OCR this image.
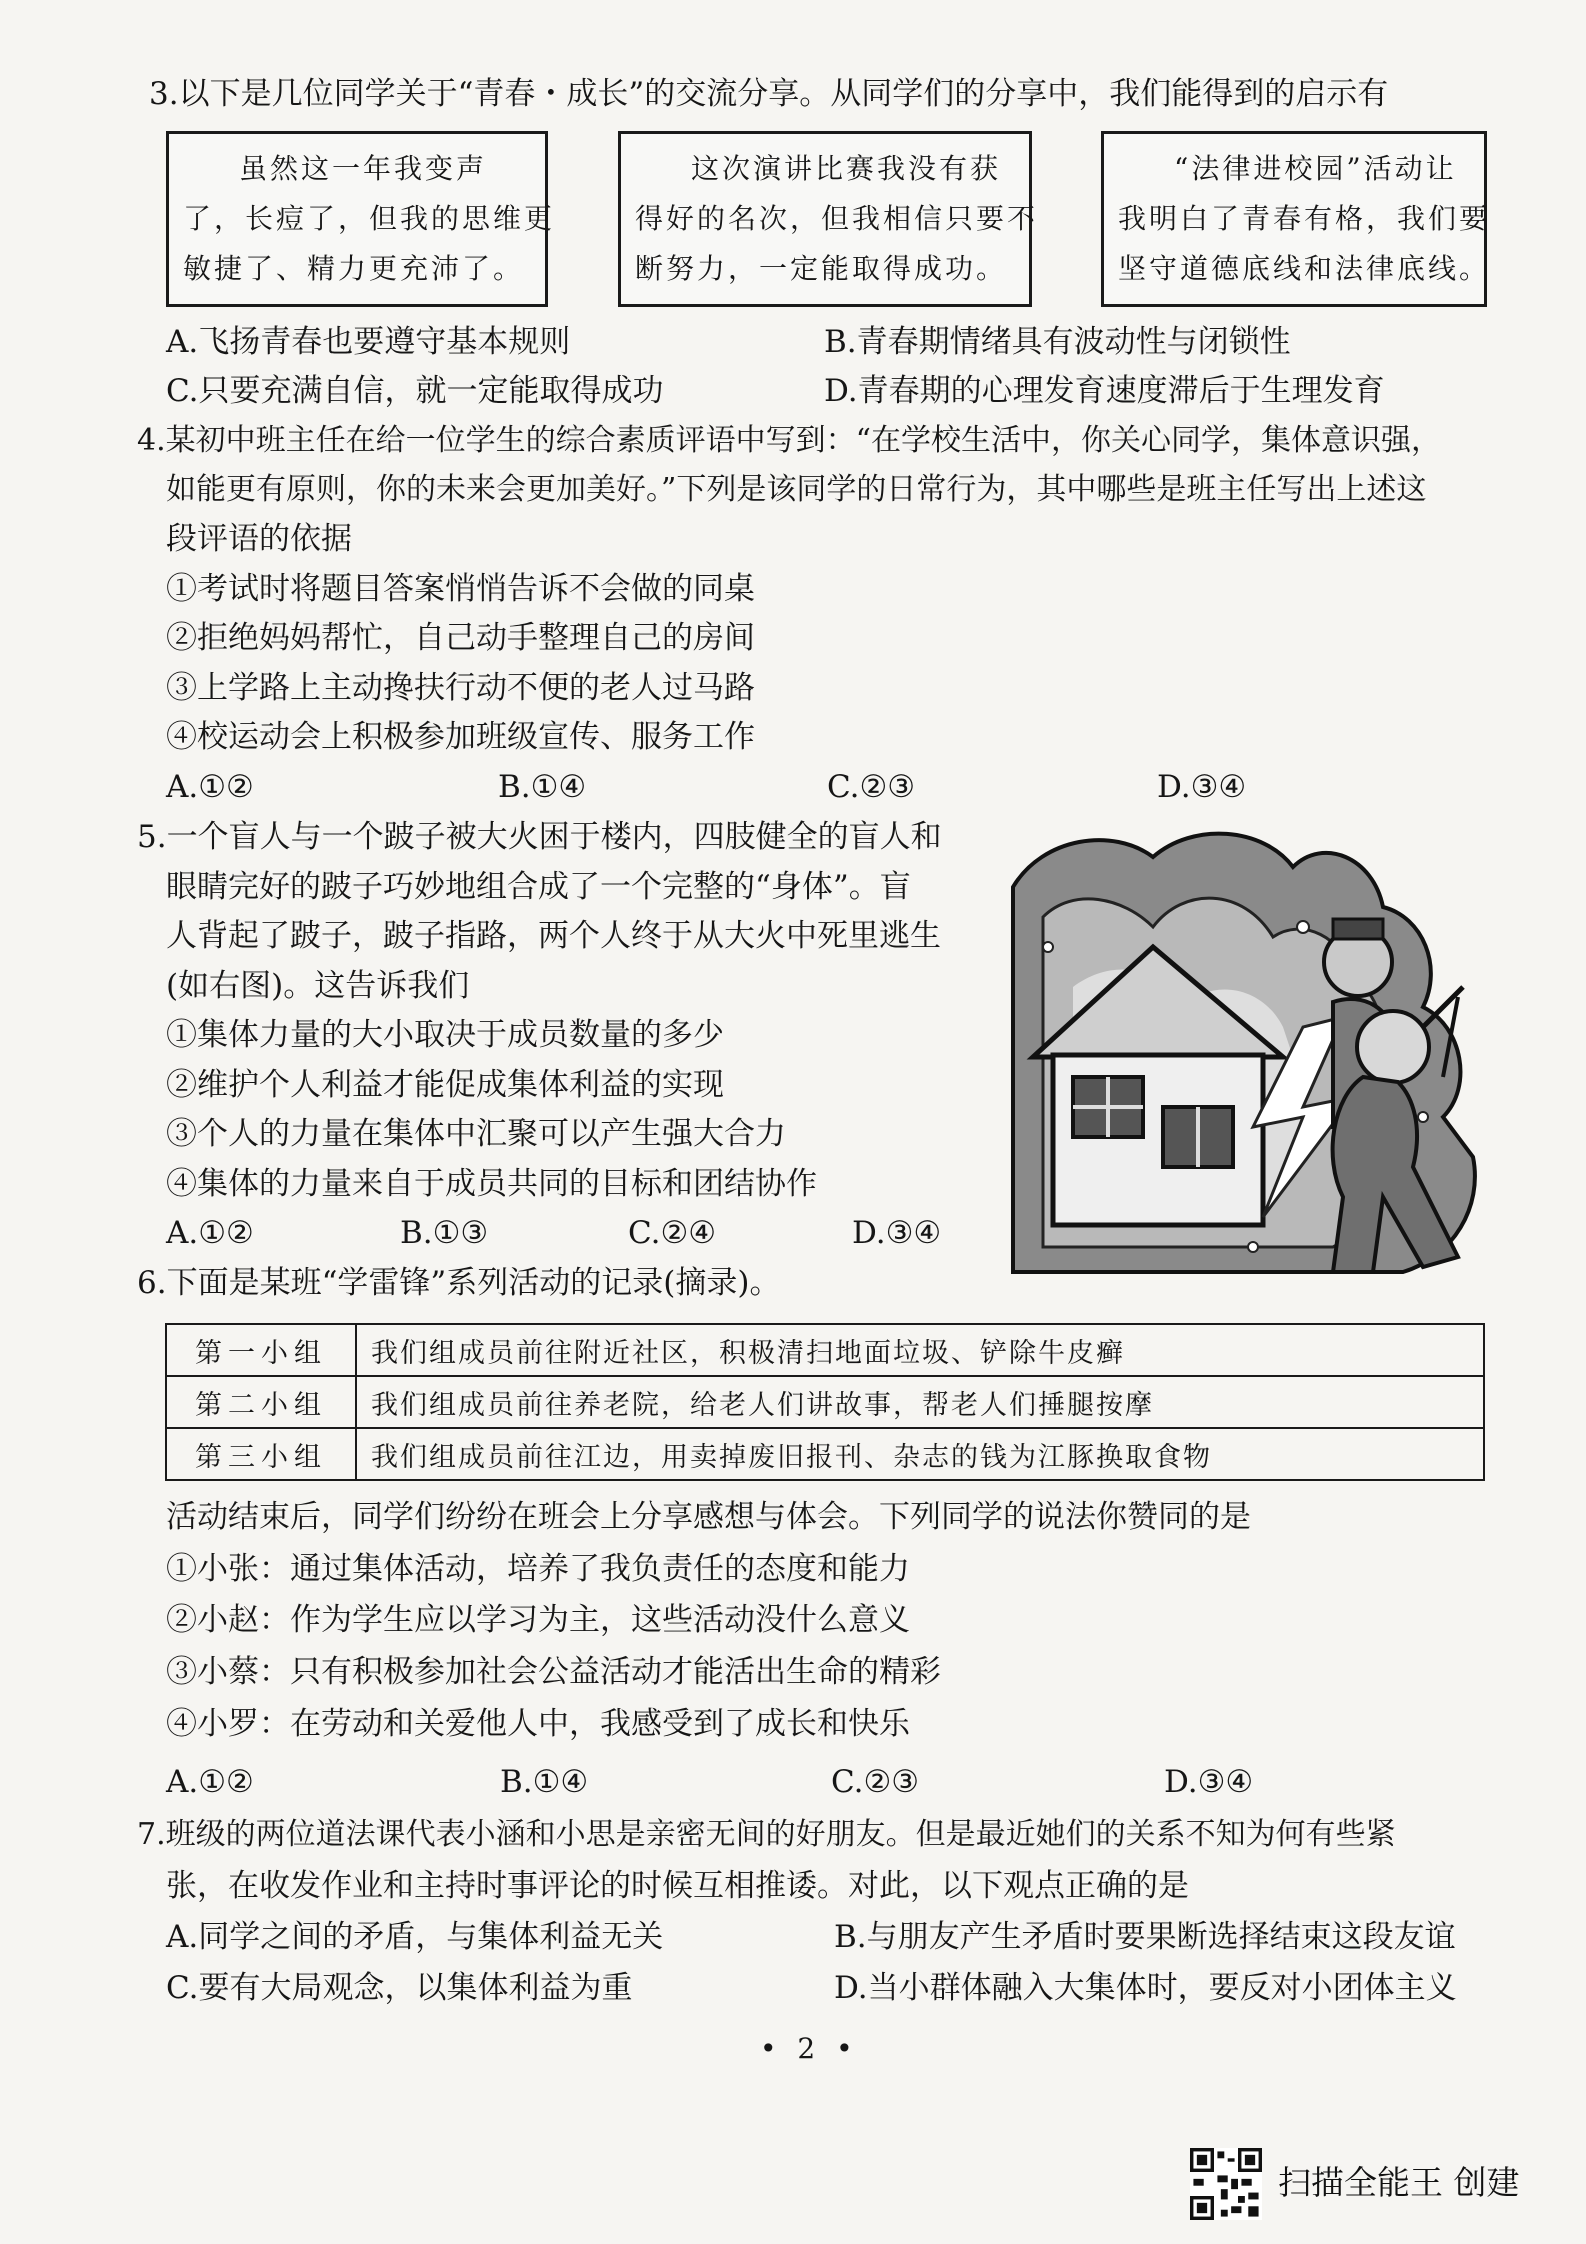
3.以下是几位同学关于“青春・成长”的交流分享。从同学们的分享中，我们能得到的启示有
虽然这一年我变声
了，长痘了，但我的思维更
敏捷了、精力更充沛了。
这次演讲比赛我没有获
得好的名次，但我相信只要不
断努力，一定能取得成功。
“法律进校园”活动让
我明白了青春有格，我们要
坚守道德底线和法律底线。
A.飞扬青春也要遵守基本规则	B.青春期情绪具有波动性与闭锁性
C.只要充满自信，就一定能取得成功	D.青春期的心理发育速度滞后于生理发育
4.某初中班主任在给一位学生的综合素质评语中写到：“在学校生活中，你关心同学，集体意识强，
如能更有原则，你的未来会更加美好。”下列是该同学的日常行为，其中哪些是班主任写出上述这
段评语的依据
①考试时将题目答案悄悄告诉不会做的同桌
②拒绝妈妈帮忙，自己动手整理自己的房间
③上学路上主动搀扶行动不便的老人过马路
④校运动会上积极参加班级宣传、服务工作
A.①②	B.①④	C.②③	D.③④
5.一个盲人与一个跛子被大火困于楼内，四肢健全的盲人和
眼睛完好的跛子巧妙地组合成了一个完整的“身体”。盲
人背起了跛子，跛子指路，两个人终于从大火中死里逃生
(如右图)。这告诉我们
①集体力量的大小取决于成员数量的多少
②维护个人利益才能促成集体利益的实现
③个人的力量在集体中汇聚可以产生强大合力
④集体的力量来自于成员共同的目标和团结协作
A.①②	B.①③	C.②④	D.③④
6.下面是某班“学雷锋”系列活动的记录(摘录)。
第一小组	我们组成员前往附近社区，积极清扫地面垃圾、铲除牛皮癣
第二小组	我们组成员前往养老院，给老人们讲故事，帮老人们捶腿按摩
第三小组	我们组成员前往江边，用卖掉废旧报刊、杂志的钱为江豚换取食物
活动结束后，同学们纷纷在班会上分享感想与体会。下列同学的说法你赞同的是
①小张：通过集体活动，培养了我负责任的态度和能力
②小赵：作为学生应以学习为主，这些活动没什么意义
③小蔡：只有积极参加社会公益活动才能活出生命的精彩
④小罗：在劳动和关爱他人中，我感受到了成长和快乐
A.①②	B.①④	C.②③	D.③④
7.班级的两位道法课代表小涵和小思是亲密无间的好朋友。但是最近她们的关系不知为何有些紧
张，在收发作业和主持时事评论的时候互相推诿。对此，以下观点正确的是
A.同学之间的矛盾，与集体利益无关	B.与朋友产生矛盾时要果断选择结束这段友谊
C.要有大局观念，以集体利益为重	D.当小群体融入大集体时，要反对小团体主义
• 2 •
扫描全能王 创建
